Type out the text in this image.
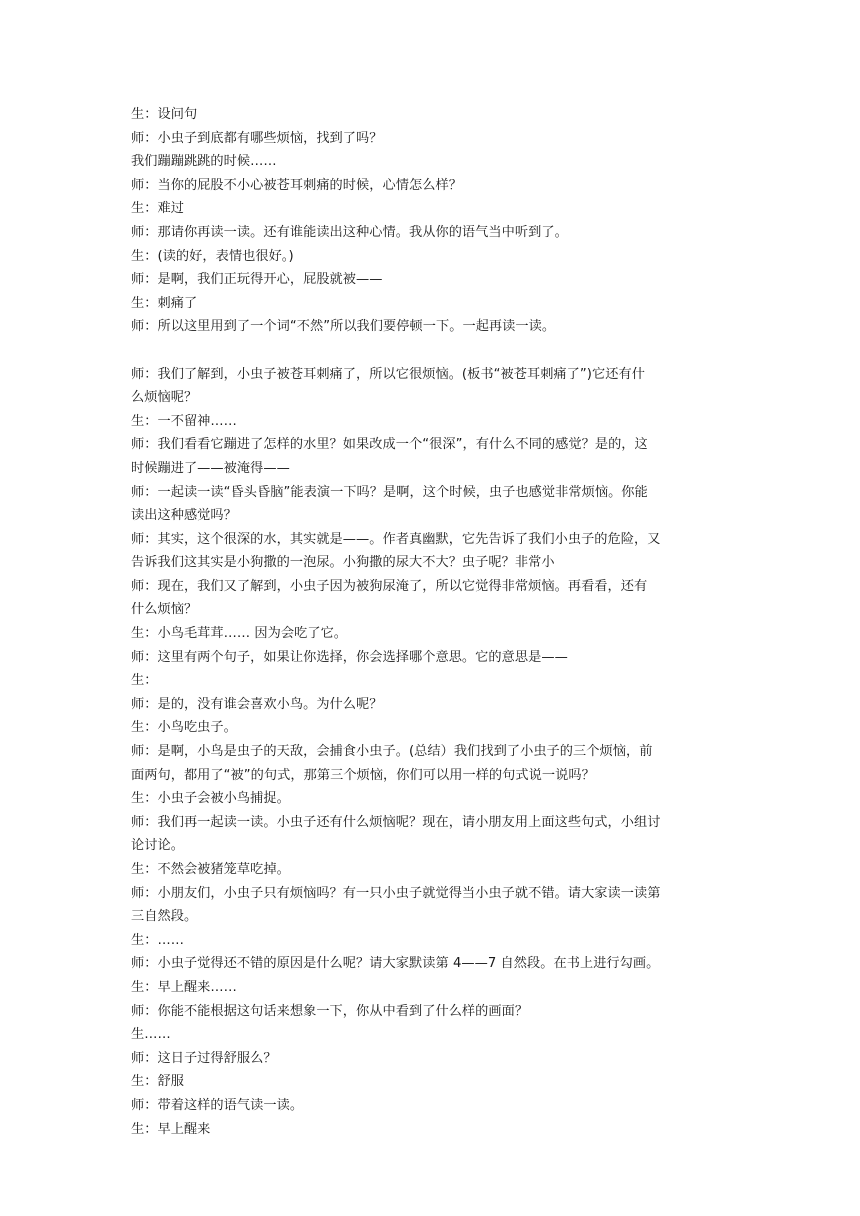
生：设问句
师：小虫子到底都有哪些烦恼，找到了吗？
我们蹦蹦跳跳的时候……
师：当你的屁股不小心被苍耳刺痛的时候，心情怎么样？
生：难过
师：那请你再读一读。还有谁能读出这种心情。我从你的语气当中听到了。
生：(读的好，表情也很好。)
师：是啊，我们正玩得开心，屁股就被——
生：刺痛了
师：所以这里用到了一个词“不然”所以我们要停顿一下。一起再读一读。
师：我们了解到，小虫子被苍耳刺痛了，所以它很烦恼。(板书“被苍耳刺痛了”)它还有什
么烦恼呢？
生：一不留神……
师：我们看看它蹦进了怎样的水里？如果改成一个“很深”，有什么不同的感觉？是的，这
时候蹦进了——被淹得——
师：一起读一读“昏头昏脑”能表演一下吗？是啊，这个时候，虫子也感觉非常烦恼。你能
读出这种感觉吗？
师：其实，这个很深的水，其实就是——。作者真幽默，它先告诉了我们小虫子的危险，又
告诉我们这其实是小狗撒的一泡尿。小狗撒的尿大不大？虫子呢？非常小
师：现在，我们又了解到，小虫子因为被狗尿淹了，所以它觉得非常烦恼。再看看，还有
什么烦恼？
生：小鸟毛茸茸…… 因为会吃了它。
师：这里有两个句子，如果让你选择，你会选择哪个意思。它的意思是——
生：
师：是的，没有谁会喜欢小鸟。为什么呢？
生：小鸟吃虫子。
师：是啊，小鸟是虫子的天敌，会捕食小虫子。(总结）我们找到了小虫子的三个烦恼，前
面两句，都用了“被”的句式，那第三个烦恼，你们可以用一样的句式说一说吗？
生：小虫子会被小鸟捕捉。
师：我们再一起读一读。小虫子还有什么烦恼呢？现在，请小朋友用上面这些句式，小组讨
论讨论。
生：不然会被猪笼草吃掉。
师：小朋友们，小虫子只有烦恼吗？有一只小虫子就觉得当小虫子就不错。请大家读一读第
三自然段。
生：……
师：小虫子觉得还不错的原因是什么呢？请大家默读第 4——7 自然段。在书上进行勾画。
生：早上醒来……
师：你能不能根据这句话来想象一下，你从中看到了什么样的画面？
生……
师：这日子过得舒服么？
生：舒服
师：带着这样的语气读一读。
生：早上醒来
